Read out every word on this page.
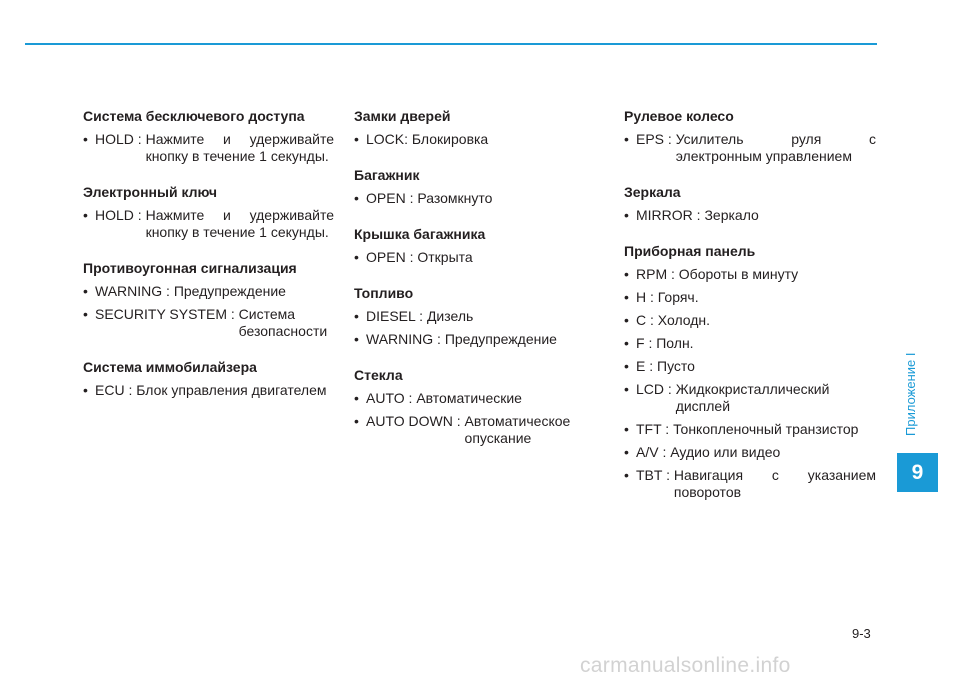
Система бесключевого доступа
• HOLD : Нажмите и удерживайте кнопку в течение 1 секунды.
Электронный ключ
• HOLD : Нажмите и удерживайте кнопку в течение 1 секунды.
Противоугонная сигнализация
• WARNING : Предупреждение
• SECURITY SYSTEM : Система безопасности
Система иммобилайзера
• ECU : Блок управления двигателем
Замки дверей
• LOCK: Блокировка
Багажник
• OPEN : Разомкнуто
Крышка багажника
• OPEN : Открыта
Топливо
• DIESEL : Дизель
• WARNING : Предупреждение
Стекла
• AUTO : Автоматические
• AUTO DOWN : Автоматическое опускание
Рулевое колесо
• EPS : Усилитель руля с электронным управлением
Зеркала
• MIRROR : Зеркало
Приборная панель
• RPM : Обороты в минуту
• H : Горяч.
• C : Холодн.
• F : Полн.
• E : Пусто
• LCD : Жидкокристаллический дисплей
• TFT : Тонкопленочный транзистор
• A/V : Аудио или видео
• TBT : Навигация с указанием поворотов
Приложение I
9
9-3
carmanualsonline.info
